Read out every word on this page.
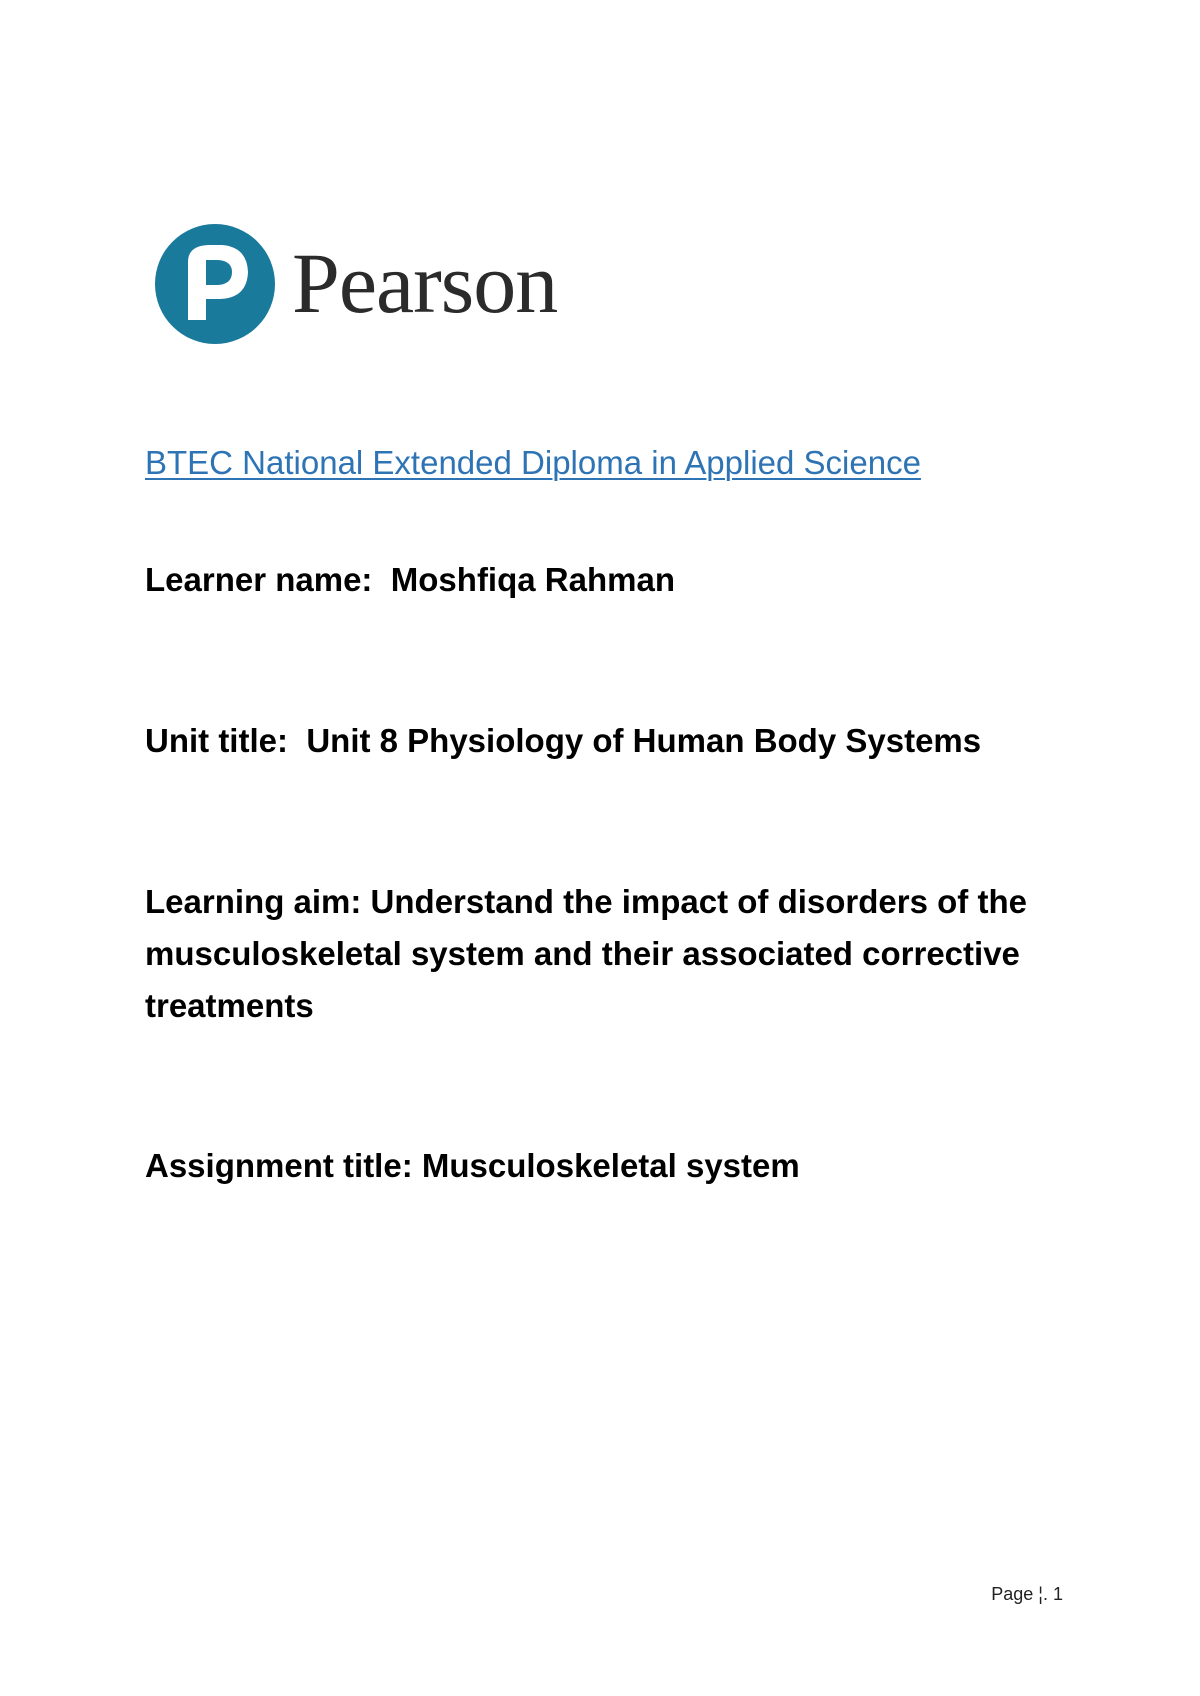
Pearson
BTEC National Extended Diploma in Applied Science
Learner name: Moshfiqa Rahman
Unit title: Unit 8 Physiology of Human Body Systems
Learning aim: Understand the impact of disorders of the musculoskeletal system and their associated corrective treatments
Assignment title: Musculoskeletal system
Page ¦. 1
